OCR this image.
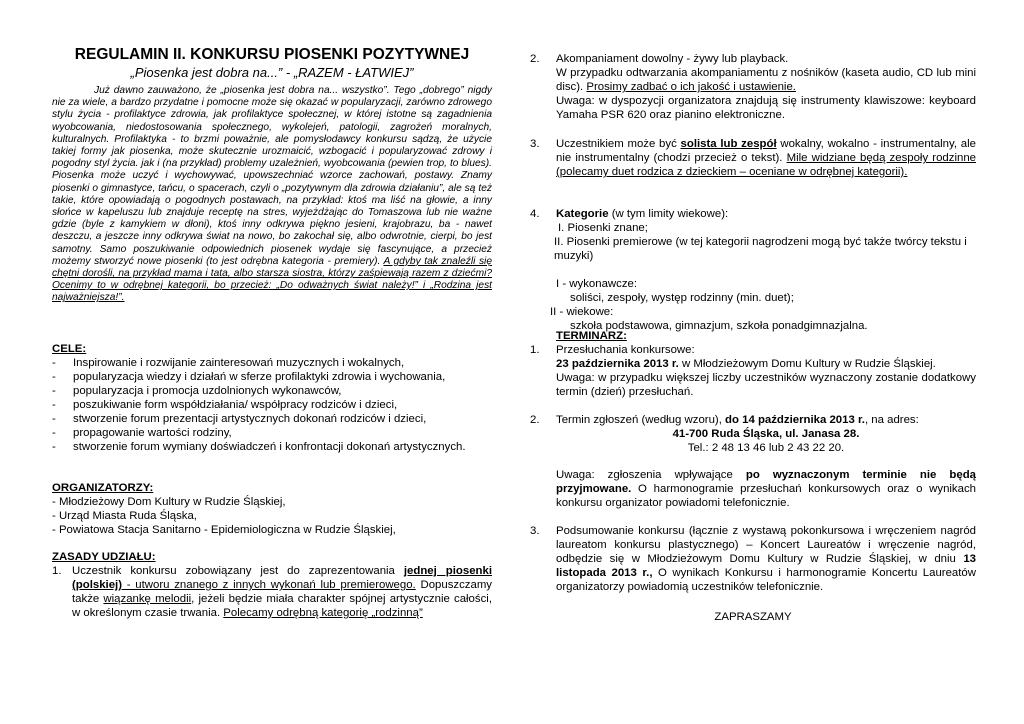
REGULAMIN II. KONKURSU PIOSENKI POZYTYWNEJ
„Piosenka jest dobra na...” - „RAZEM - ŁATWIEJ”
Już dawno zauważono, że „piosenka jest dobra na... wszystko”. Tego „dobrego” nigdy nie za wiele, a bardzo przydatne i pomocne może się okazać w popularyzacji, zarówno zdrowego stylu życia - profilaktyce zdrowia, jak profilaktyce społecznej, w której istotne są zagadnienia wyobcowania, niedostosowania społecznego, wykolejeń, patologii, zagrożeń moralnych, kulturalnych. Profilaktyka - to brzmi poważnie, ale pomysłodawcy konkursu sądzą, że użycie takiej formy jak piosenka, może skutecznie urozmaicić, wzbogacić i popularyzować zdrowy i pogodny styl życia. jak i (na przykład) problemy uzależnień, wyobcowania (pewien trop, to blues). Piosenka może uczyć i wychowywać, upowszechniać wzorce zachowań, postawy. Znamy piosenki o gimnastyce, tańcu, o spacerach, czyli o „pozytywnym dla zdrowia działaniu”, ale są też takie, które opowiadają o pogodnych postawach, na przykład: ktoś ma liść na głowie, a inny słońce w kapeluszu lub znajduje receptę na stres, wyjeżdżając do Tomaszowa lub nie ważne gdzie (byle z kamykiem w dłoni), ktoś inny odkrywa piękno jesieni, krajobrazu, ba - nawet deszczu, a jeszcze inny odkrywa świat na nowo, bo zakochał się, albo odwrotnie, cierpi, bo jest samotny. Samo poszukiwanie odpowiednich piosenek wydaje się fascynujące, a przecież możemy stworzyć nowe piosenki (to jest odrębna kategoria - premiery). A gdyby tak znaleźli się chętni dorośli, na przykład mama i tata, albo starsza siostra, którzy zaśpiewają razem z dziećmi? Ocenimy to w odrębnej kategorii, bo przecież: „Do odważnych świat należy!” i „Rodzina jest najważniejsza!”.
CELE:
-	Inspirowanie i rozwijanie zainteresowań muzycznych i wokalnych,
-	popularyzacja wiedzy i działań w sferze profilaktyki zdrowia i wychowania,
-	popularyzacja i promocja uzdolnionych wykonawców,
-	poszukiwanie form współdziałania/ współpracy rodziców i dzieci,
-	stworzenie forum prezentacji artystycznych dokonań rodziców i dzieci,
-	propagowanie wartości rodziny,
-	stworzenie forum wymiany doświadczeń i konfrontacji dokonań artystycznych.
ORGANIZATORZY:
- Młodzieżowy Dom Kultury w Rudzie Śląskiej,
- Urząd Miasta Ruda Śląska,
- Powiatowa Stacja Sanitarno - Epidemiologiczna w Rudzie Śląskiej,
ZASADY UDZIAŁU:
1. Uczestnik konkursu zobowiązany jest do zaprezentowania jednej piosenki (polskiej) - utworu znanego z innych wykonań lub premierowego. Dopuszczamy także wiązankę melodii, jeżeli będzie miała charakter spójnej artystycznie całości, w określonym czasie trwania. Polecamy odrębną kategorię „rodzinną”
2.	Akompaniament dowolny - żywy lub playback.
W przypadku odtwarzania akompaniamentu z nośników (kaseta audio, CD lub mini disc). Prosimy zadbać o ich jakość i ustawienie.
Uwaga: w dyspozycji organizatora znajdują się instrumenty klawiszowe: keyboard Yamaha PSR 620 oraz pianino elektroniczne.
3.	Uczestnikiem może być solista lub zespół wokalny, wokalno - instrumentalny, ale nie instrumentalny (chodzi przecież o tekst). Mile widziane będą zespoły rodzinne (polecamy duet rodzica z dzieckiem – oceniane w odrębnej kategorii).
4.	Kategorie (w tym limity wiekowe):
I. Piosenki znane;
II. Piosenki premierowe (w tej kategorii nagrodzeni mogą być także twórcy tekstu i muzyki)
I - wykonawcze:
soliści, zespoły, występ rodzinny (min. duet);
II - wiekowe:
szkoła podstawowa, gimnazjum, szkoła ponadgimnazjalna.
TERMINARZ:
1.	Przesłuchania konkursowe:
23 października 2013 r. w Młodzieżowym Domu Kultury w Rudzie Śląskiej.
Uwaga: w przypadku większej liczby uczestników wyznaczony zostanie dodatkowy termin (dzień) przesłuchań.
2.	Termin zgłoszeń (według wzoru), do 14 października 2013 r., na adres:
41-700 Ruda Śląska, ul. Janasa 28.
Tel.: 2 48 13 46 lub 2 43 22 20.
Uwaga: zgłoszenia wpływające po wyznaczonym terminie nie będą przyjmowane. O harmonogramie przesłuchań konkursowych oraz o wynikach konkursu organizator powiadomi telefonicznie.
3.	Podsumowanie konkursu (łącznie z wystawą pokonkursowa i wręczeniem nagród laureatom konkursu plastycznego) – Koncert Laureatów i wręczenie nagród, odbędzie się w Młodzieżowym Domu Kultury w Rudzie Śląskiej, w dniu 13 listopada 2013 r., O wynikach Konkursu i harmonogramie Koncertu Laureatów organizatorzy powiadomią uczestników telefonicznie.
ZAPRASZAMY
